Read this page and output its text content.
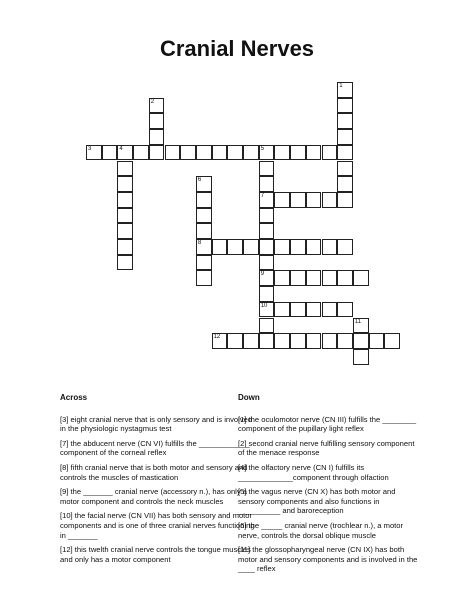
Cranial Nerves
1
2
3	4	5
7
9
10
6
8
11
12
Across
[3] eight cranial nerve that is only sensory and is involved in the physiologic nystagmus test
[7] the abducent nerve (CN VI) fulfills the ____________ component of the corneal reflex
[8] fifth cranial nerve that is both motor and sensory and controls the muscles of mastication
[9] the _______ cranial nerve (accessory n.), has only a motor component and controls the neck muscles
[10] the facial nerve (CN VII) has both sensory and motor components and is one of three cranial nerves functioning in _______
[12] this twelth cranial nerve controls the tongue muscles and only has a motor component
Down
[1] the oculomotor nerve (CN III) fulfills the ________ component of the pupillary light reflex
[2] second cranial nerve fulfilling sensory component of the menace response
[4] the olfactory nerve (CN I) fulfills its _____________component through olfaction
[5] the vagus nerve (CN X) has both motor and sensory components and also functions in __________ and baroreception
[6] the _____ cranial nerve (trochlear n.), a motor nerve, controls the dorsal oblique muscle
[11] the glossopharyngeal nerve (CN IX) has both motor and sensory components and is involved in the ____ reflex
